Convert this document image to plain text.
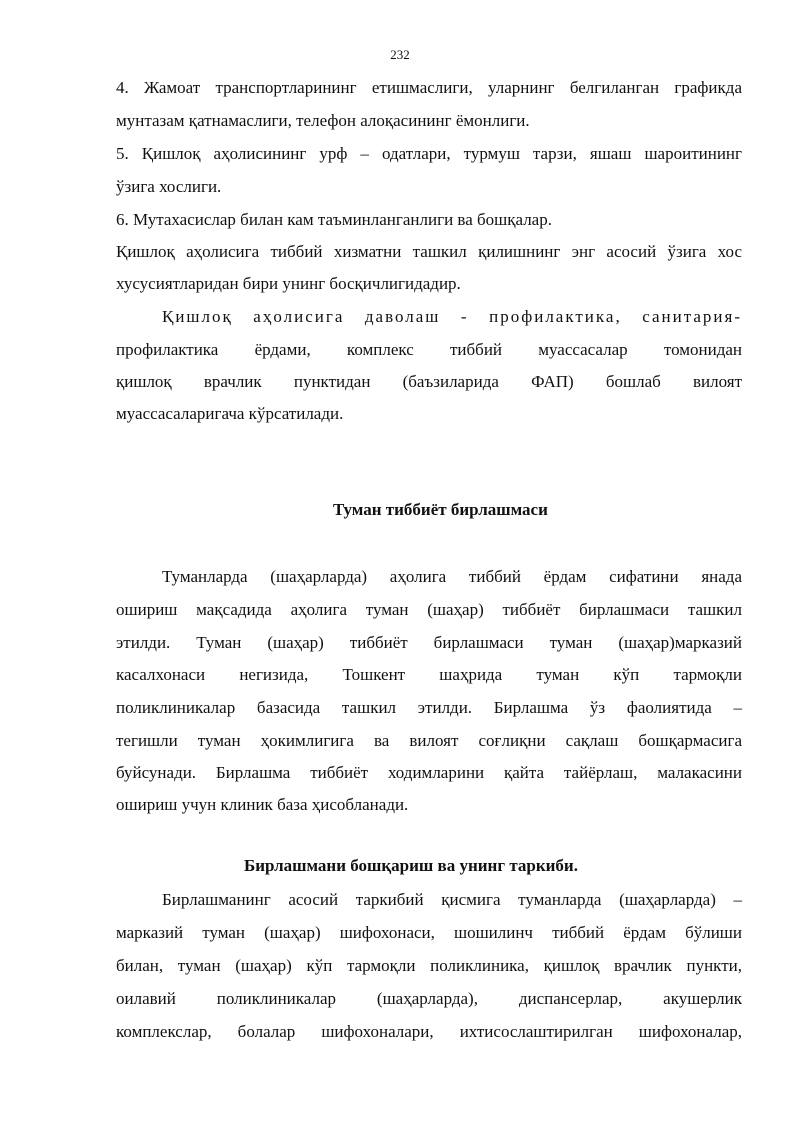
232
4. Жамоат транспортларининг етишмаслиги, уларнинг белгиланган графикда
мунтазам қатнамаслиги, телефон алоқасининг ёмонлиги.
5. Қишлоқ аҳолисининг урф – одатлари, турмуш тарзи, яшаш шароитининг
ўзига хослиги.
6. Мутахасислар билан кам таъминланганлиги ва бошқалар.
Қишлоқ аҳолисига тиббий хизматни ташкил қилишнинг энг асосий ўзига хос
хусусиятларидан бири унинг босқичлигидадир.
Қишлоқ аҳолисига даволаш - профилактика, санитария-
профилактика ёрдами, комплекс тиббий муассасалар томонидан
қишлоқ врачлик пунктидан (баъзиларида ФАП) бошлаб вилоят
муассасаларигача кўрсатилади.
Туман тиббиёт бирлашмаси
Туманларда (шаҳарларда) аҳолига тиббий ёрдам сифатини янада
ошириш мақсадида аҳолига туман (шаҳар) тиббиёт бирлашмаси ташкил
этилди. Туман (шаҳар) тиббиёт бирлашмаси туман (шаҳар)марказий
касалхонаси негизида, Тошкент шаҳрида туман кўп тармоқли
поликлиникалар базасида ташкил этилди. Бирлашма ўз фаолиятида –
тегишли туман ҳокимлигига ва вилоят соғлиқни сақлаш бошқармасига
буйсунади. Бирлашма тиббиёт ходимларини қайта тайёрлаш, малакасини
ошириш учун клиник база ҳисобланади.
Бирлашмани бошқариш ва унинг таркиби.
Бирлашманинг асосий таркибий қисмига туманларда (шаҳарларда) –
марказий туман (шаҳар) шифохонаси, шошилинч тиббий ёрдам бўлиши
билан, туман (шаҳар) кўп тармоқли поликлиника, қишлоқ врачлик пункти,
оилавий поликлиникалар (шаҳарларда), диспансерлар, акушерлик
комплекслар, болалар шифохоналари, ихтисослаштирилган шифохоналар,
